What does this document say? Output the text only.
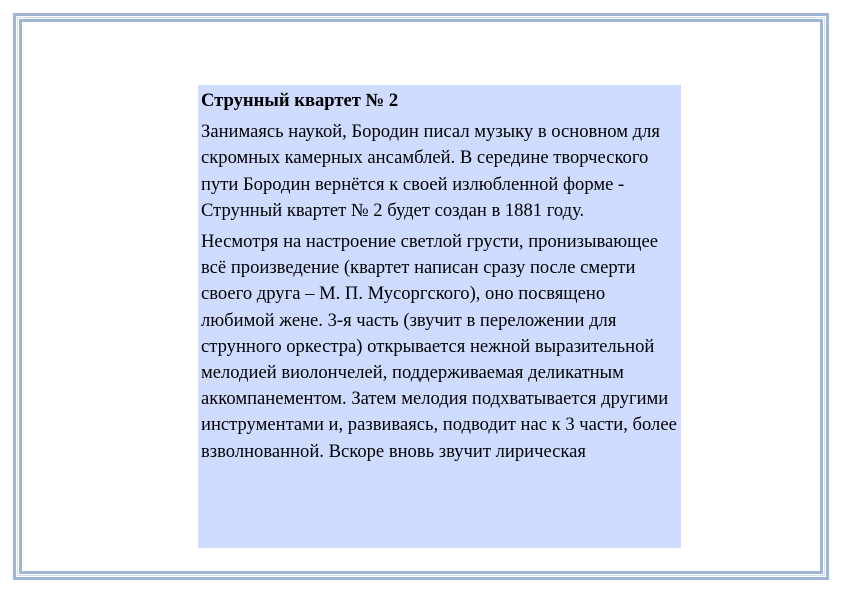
Струнный квартет № 2
Занимаясь наукой, Бородин писал музыку в основном для скромных камерных ансамблей. В середине творческого пути Бородин вернётся к своей излюбленной форме - Струнный квартет № 2 будет создан в 1881 году.
Несмотря на настроение светлой грусти, пронизывающее всё произведение (квартет написан сразу после смерти своего друга – М. П. Мусоргского), оно посвящено любимой жене. 3-я часть (звучит в переложении для струнного оркестра) открывается нежной выразительной мелодией виолончелей, поддерживаемая деликатным аккомпанементом. Затем мелодия подхватывается другими инструментами и, развиваясь, подводит нас к 3 части, более взволнованной. Вскоре вновь звучит лирическая
